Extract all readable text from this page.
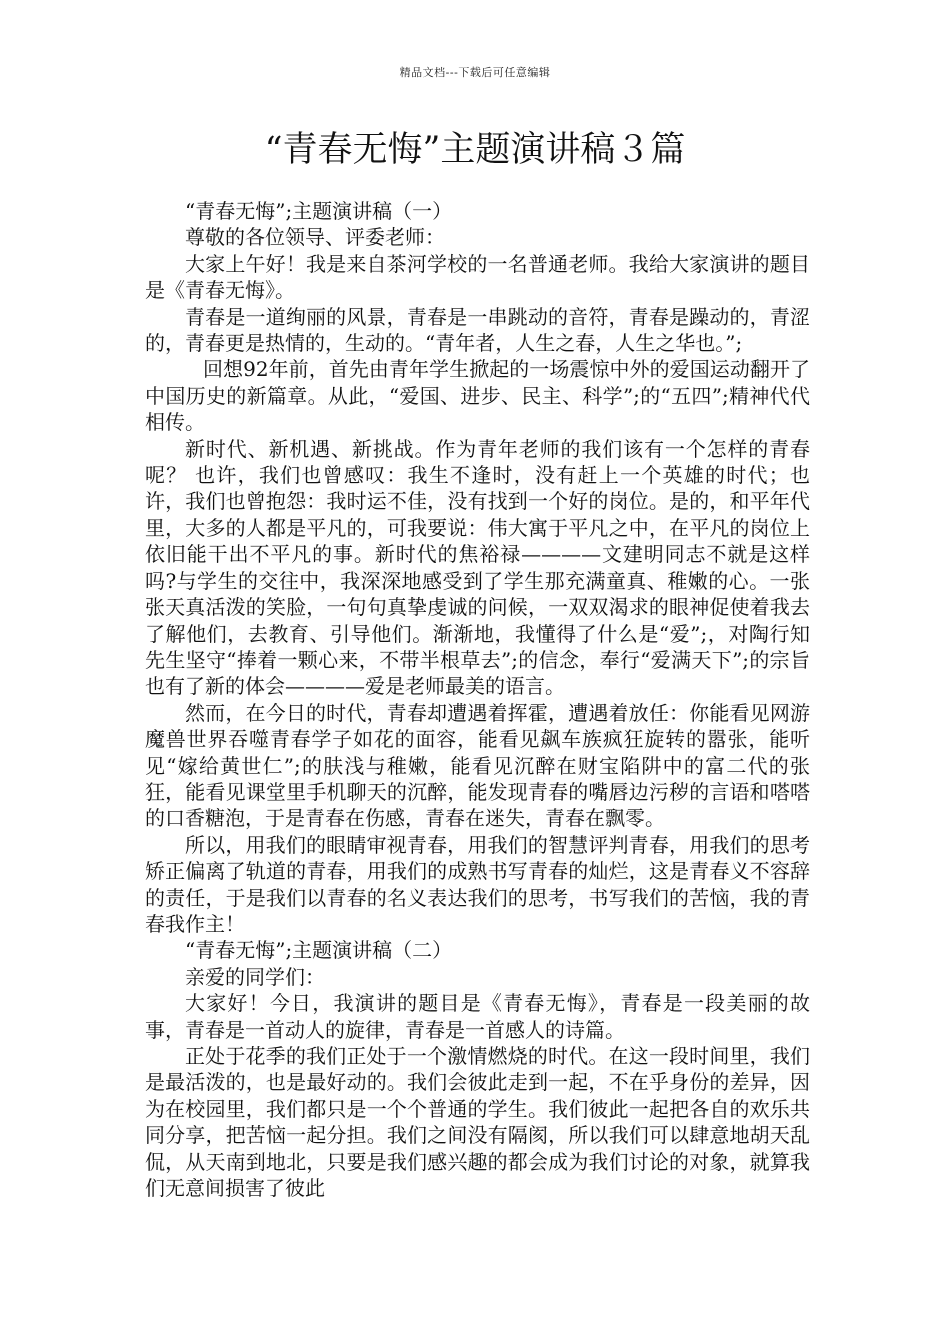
精品文档---下载后可任意编辑
“青春无悔”主题演讲稿３篇

“青春无悔”;主题演讲稿（一）

尊敬的各位领导、评委老师：

大家上午好！我是来自茶河学校的一名普通老师。我给大家演讲的题目是《青春无悔》。

青春是一道绚丽的风景，青春是一串跳动的音符，青春是躁动的，青涩的，青春更是热情的，生动的。“青年者，人生之春，人生之华也。”;

回想92年前，首先由青年学生掀起的一场震惊中外的爱国运动翻开了中国历史的新篇章。从此，“爱国、进步、民主、科学”;的“五四”;精神代代相传。

新时代、新机遇、新挑战。作为青年老师的我们该有一个怎样的青春呢？ 也许，我们也曾感叹：我生不逢时，没有赶上一个英雄的时代；也许，我们也曾抱怨：我时运不佳，没有找到一个好的岗位。是的，和平年代里，大多的人都是平凡的，可我要说：伟大寓于平凡之中，在平凡的岗位上依旧能干出不平凡的事。新时代的焦裕禄————文建明同志不就是这样吗?与学生的交往中，我深深地感受到了学生那充满童真、稚嫩的心。一张张天真活泼的笑脸，一句句真挚虔诚的问候，一双双渴求的眼神促使着我去了解他们，去教育、引导他们。渐渐地，我懂得了什么是“爱”;，对陶行知先生坚守“捧着一颗心来，不带半根草去”;的信念，奉行“爱满天下”;的宗旨也有了新的体会————爱是老师最美的语言。

然而，在今日的时代，青春却遭遇着挥霍，遭遇着放任：你能看见网游魔兽世界吞噬青春学子如花的面容，能看见飙车族疯狂旋转的嚣张，能听见“嫁给黄世仁”;的肤浅与稚嫩，能看见沉醉在财宝陷阱中的富二代的张狂，能看见课堂里手机聊天的沉醉，能发现青春的嘴唇边污秽的言语和嗒嗒的口香糖泡，于是青春在伤感，青春在迷失，青春在飘零。

所以，用我们的眼睛审视青春，用我们的智慧评判青春，用我们的思考矫正偏离了轨道的青春，用我们的成熟书写青春的灿烂，这是青春义不容辞的责任，于是我们以青春的名义表达我们的思考，书写我们的苦恼，我的青春我作主！

“青春无悔”;主题演讲稿（二）

亲爱的同学们：

大家好！今日，我演讲的题目是《青春无悔》，青春是一段美丽的故事，青春是一首动人的旋律，青春是一首感人的诗篇。

正处于花季的我们正处于一个激情燃烧的时代。在这一段时间里，我们是最活泼的，也是最好动的。我们会彼此走到一起，不在乎身份的差异，因为在校园里，我们都只是一个个普通的学生。我们彼此一起把各自的欢乐共同分享，把苦恼一起分担。我们之间没有隔阂，所以我们可以肆意地胡天乱侃，从天南到地北，只要是我们感兴趣的都会成为我们讨论的对象，就算我们无意间损害了彼此
